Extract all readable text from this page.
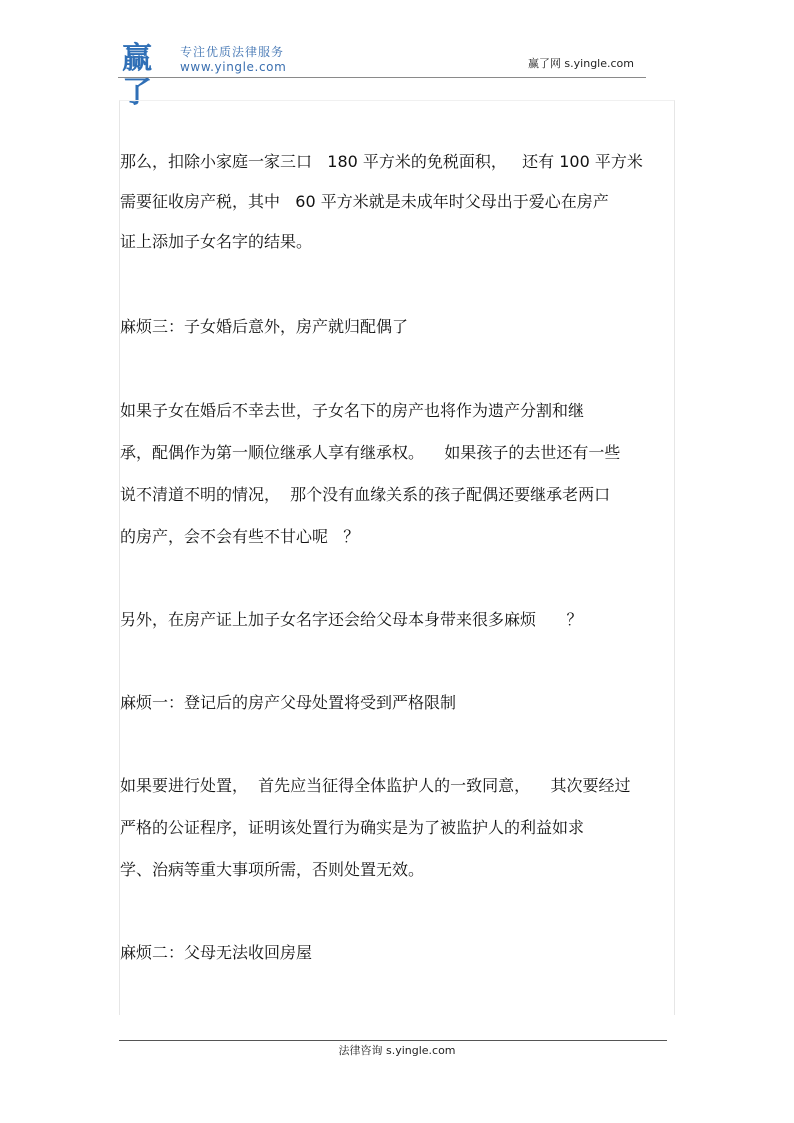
赢了
专注优质法律服务
www.yingle.com	赢了网 s.yingle.com
那么，扣除小家庭一家三口   180 平方米的免税面积，   还有 100 平方米
需要征收房产税，其中   60 平方米就是未成年时父母出于爱心在房产
证上添加子女名字的结果。
麻烦三：子女婚后意外，房产就归配偶了
如果子女在婚后不幸去世，子女名下的房产也将作为遗产分割和继
承，配偶作为第一顺位继承人享有继承权。    如果孩子的去世还有一些
说不清道不明的情况，  那个没有血缘关系的孩子配偶还要继承老两口
的房产，会不会有些不甘心呢   ？
另外，在房产证上加子女名字还会给父母本身带来很多麻烦      ？
麻烦一：登记后的房产父母处置将受到严格限制
如果要进行处置，  首先应当征得全体监护人的一致同意，    其次要经过
严格的公证程序，证明该处置行为确实是为了被监护人的利益如求
学、治病等重大事项所需，否则处置无效。
麻烦二：父母无法收回房屋
法律咨询 s.yingle.com
